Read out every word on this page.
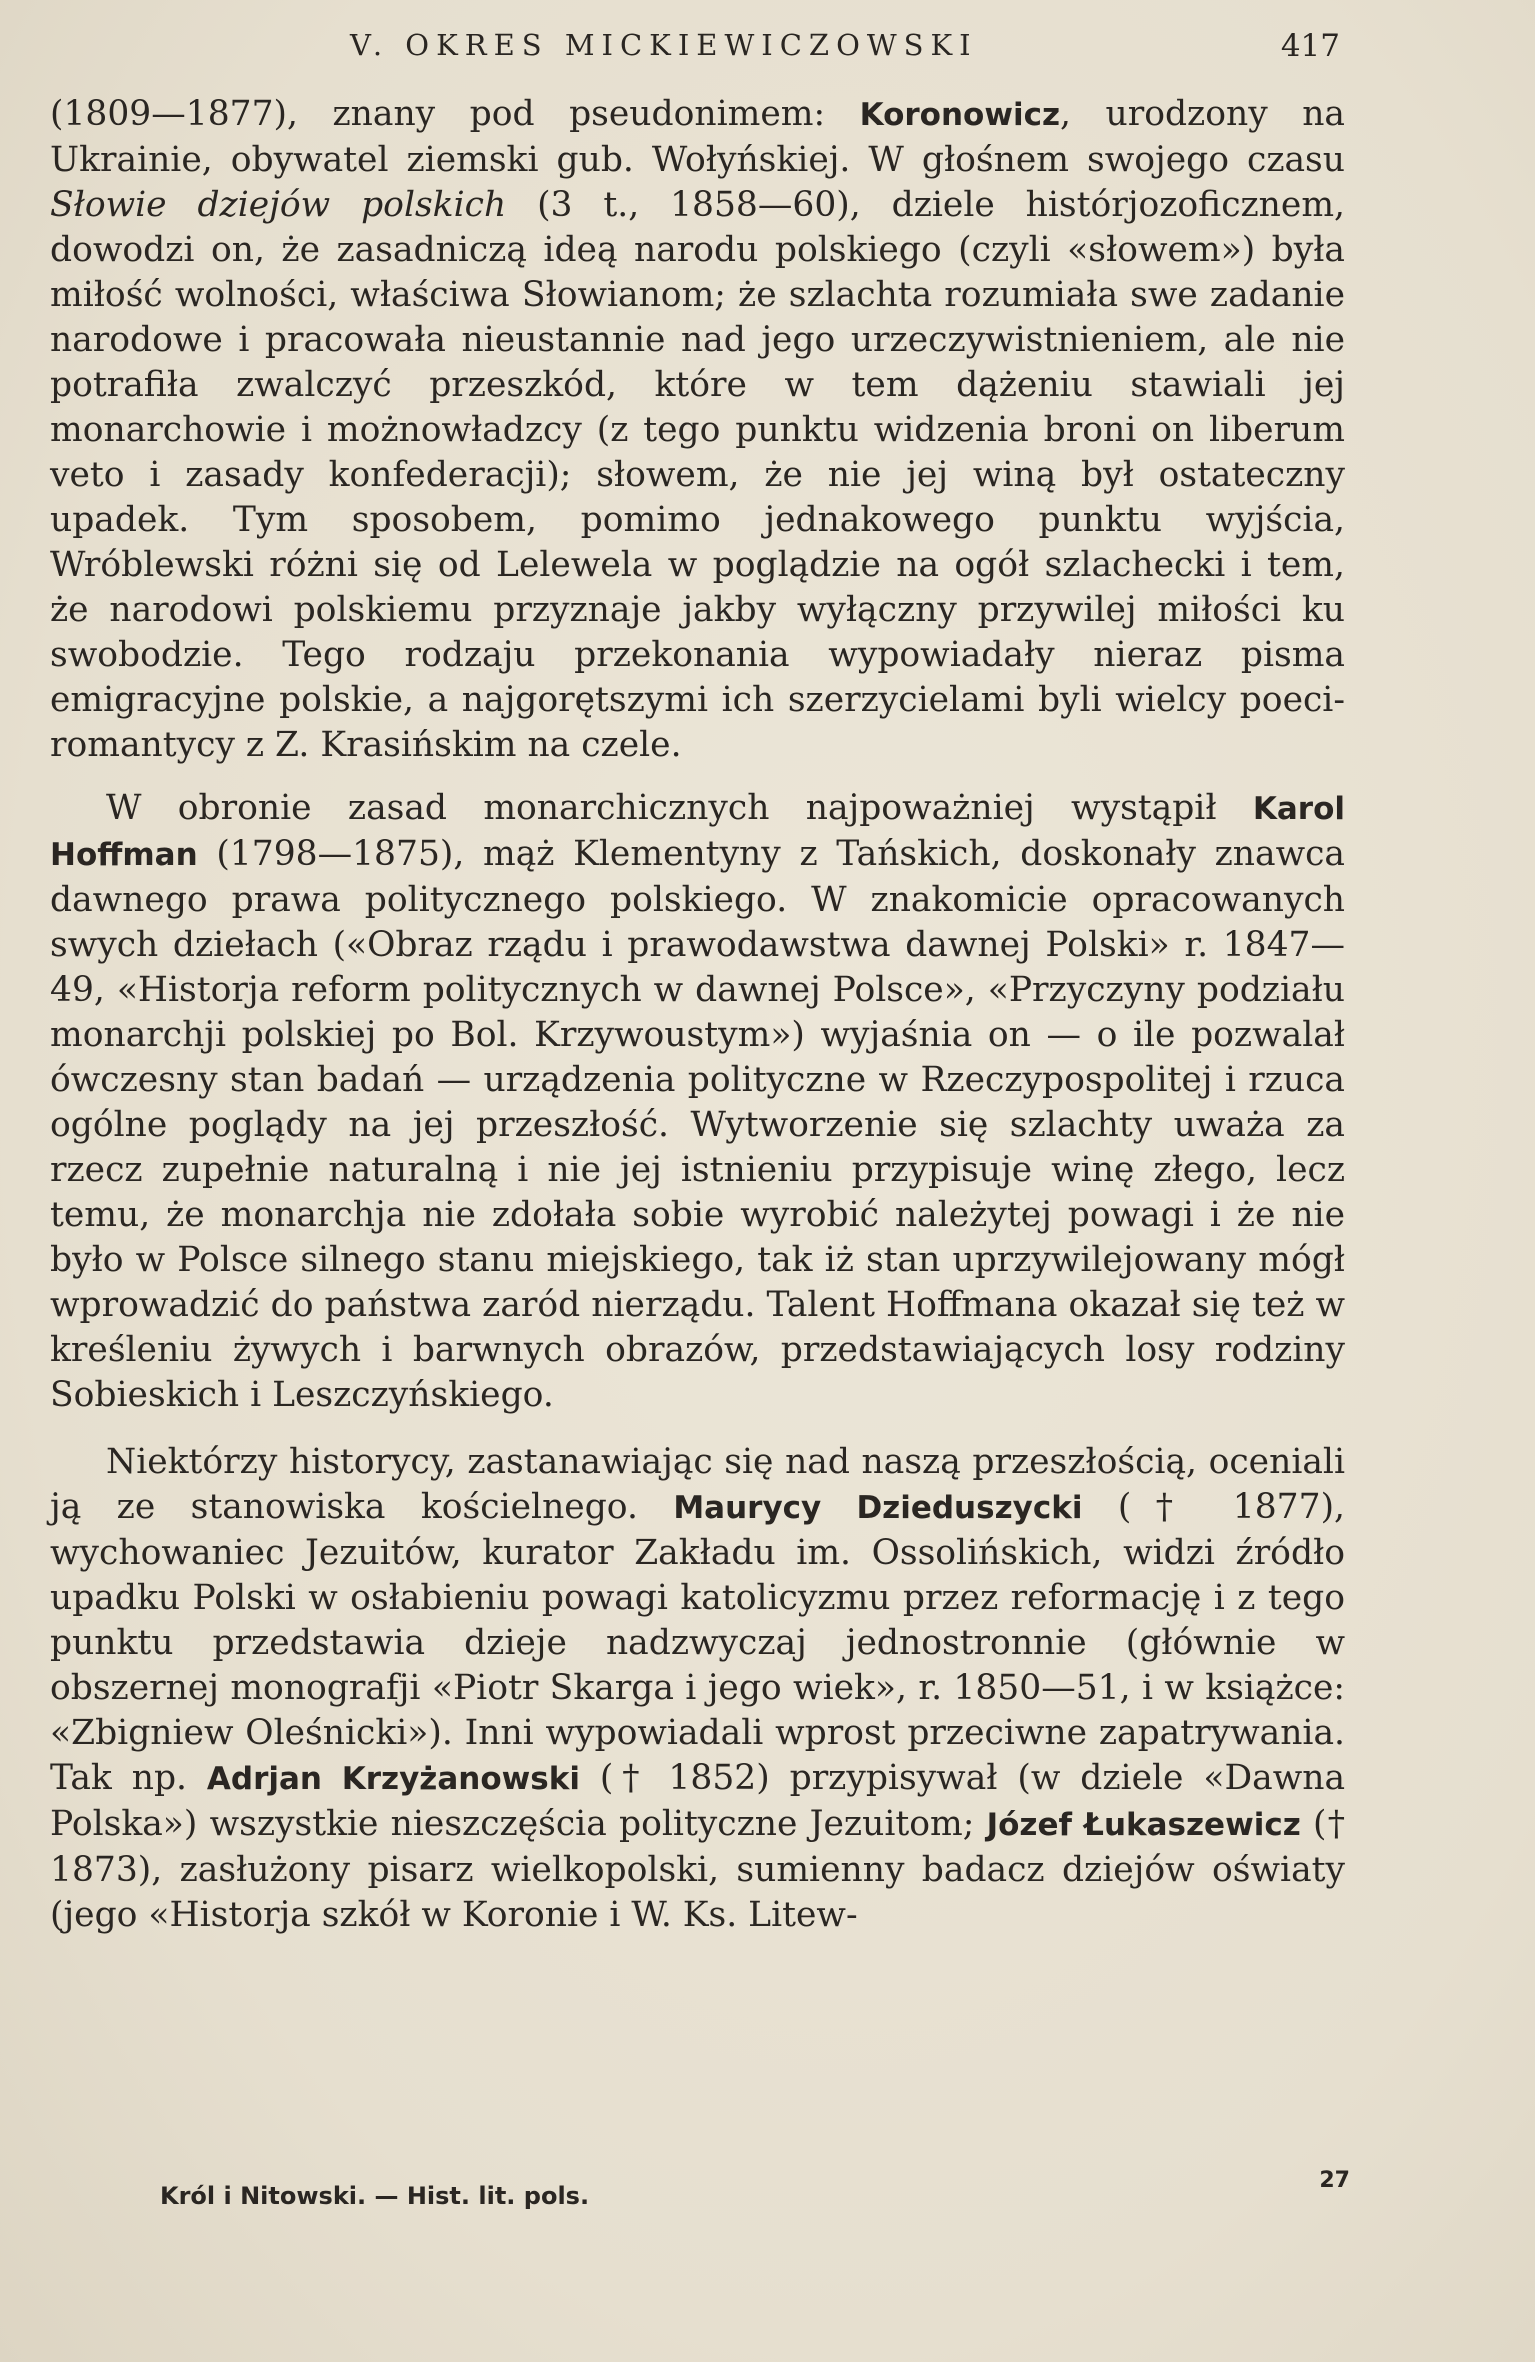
V. OKRES MICKIEWICZOWSKI	417

(1809—1877), znany pod pseudonimem: Koronowicz, urodzony na Ukrainie, obywatel ziemski gub. Wołyńskiej. W głośnem swojego czasu Słowie dziejów polskich (3 t., 1858—60), dziele histórjozoficznem, dowodzi on, że zasadniczą ideą narodu polskiego (czyli «słowem») była miłość wolności, właściwa Słowianom; że szlachta rozumiała swe zadanie narodowe i pracowała nieustannie nad jego urzeczywistnieniem, ale nie potrafiła zwalczyć przeszkód, które w tem dążeniu stawiali jej monarchowie i możnowładzcy (z tego punktu widzenia broni on liberum veto i zasady konfederacji); słowem, że nie jej winą był ostateczny upadek. Tym sposobem, pomimo jednakowego punktu wyjścia, Wróblewski różni się od Lelewela w poglądzie na ogół szlachecki i tem, że narodowi polskiemu przyznaje jakby wyłączny przywilej miłości ku swobodzie. Tego rodzaju przekonania wypowiadały nieraz pisma emigracyjne polskie, a najgorętszymi ich szerzycielami byli wielcy poeci-romantycy z Z. Krasińskim na czele.

W obronie zasad monarchicznych najpoważniej wystąpił Karol Hoffman (1798—1875), mąż Klementyny z Tańskich, doskonały znawca dawnego prawa politycznego polskiego. W znakomicie opracowanych swych dziełach («Obraz rządu i prawodawstwa dawnej Polski» r. 1847—49, «Historja reform politycznych w dawnej Polsce», «Przyczyny podziału monarchji polskiej po Bol. Krzywoustym») wyjaśnia on — o ile pozwalał ówczesny stan badań — urządzenia polityczne w Rzeczypospolitej i rzuca ogólne poglądy na jej przeszłość. Wytworzenie się szlachty uważa za rzecz zupełnie naturalną i nie jej istnieniu przypisuje winę złego, lecz temu, że monarchja nie zdołała sobie wyrobić należytej powagi i że nie było w Polsce silnego stanu miejskiego, tak iż stan uprzywilejowany mógł wprowadzić do państwa zaród nierządu. Talent Hoffmana okazał się też w kreśleniu żywych i barwnych obrazów, przedstawiających losy rodziny Sobieskich i Leszczyńskiego.

Niektórzy historycy, zastanawiając się nad naszą przeszłością, oceniali ją ze stanowiska kościelnego. Maurycy Dzieduszycki († 1877), wychowaniec Jezuitów, kurator Zakładu im. Ossolińskich, widzi źródło upadku Polski w osłabieniu powagi katolicyzmu przez reformację i z tego punktu przedstawia dzieje nadzwyczaj jednostronnie (głównie w obszernej monografji «Piotr Skarga i jego wiek», r. 1850—51, i w książce: «Zbigniew Oleśnicki»). Inni wypowiadali wprost przeciwne zapatrywania. Tak np. Adrjan Krzyżanowski († 1852) przypisywał (w dziele «Dawna Polska») wszystkie nieszczęścia polityczne Jezuitom; Józef Łukaszewicz († 1873), zasłużony pisarz wielkopolski, sumienny badacz dziejów oświaty (jego «Historja szkół w Koronie i W. Ks. Litew-

Król i Nitowski. — Hist. lit. pols.
27
